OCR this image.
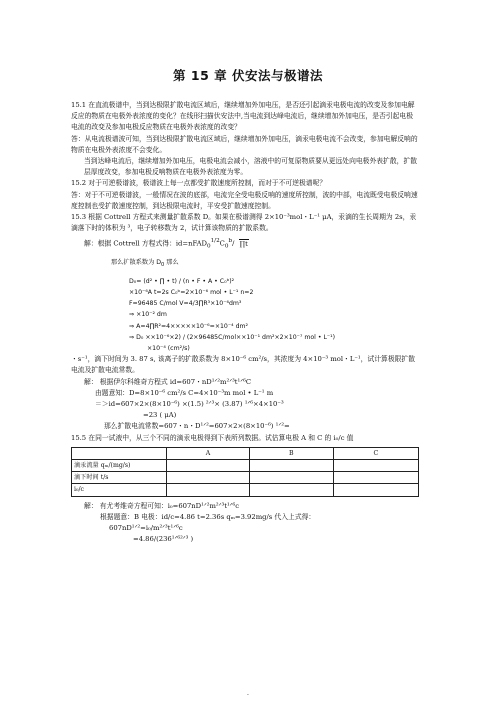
第 15 章 伏安法与极谱法

15.1 在直流极谱中，当到达极限扩散电流区域后，继续增加外加电压，是否还引起滴汞电极电流的改变及参加电解反应的物质在电极外表浓度的变化？在线形扫描伏安法中,当电流到达峰电流后，继续增加外加电压，是否引起电极电流的改变及参加电极反应物质在电极外表浓度的改变？

答：从电流极谱波可知，当到达极限扩散电流区域后，继续增加外加电压，滴汞电极电流不会改变，参加电解反响的物质在电极外表浓度不会变化。

当到达峰电流后，继续增加外加电压，电极电流会减小，溶液中的可复原物质要从更远处向电极外表扩散，扩散层厚度改变，参加电极反响物质在电极外表浓度为零。

15.2 对于可逆极谱波，极谱波上每一点都受扩散速度所控制，而对于不可逆极谱呢？

答：对于不可逆极谱波，一般情况在波的底部，电流完全受电极反响的速度所控制，波的中部，电流既受电极反响速度控制也受扩散速度控制，到达极限电流时，平安受扩散速度控制。

15.3 根据 Cottrell 方程式来测量扩散系数 D。如果在极谱测得 2×10⁻³mol・L⁻¹ μA，汞滴的生长周期为 2s，汞滴落下时的体积为 ³，电子转移数为 2，试计算该物质的扩散系数。

解：根据 Cottrell 方程式得：$id=nFAD_0^{1/2}C_0^b/$ ∏t

那么扩散系数为 $D_0$ 那么

D₀= (d² • ∏ • t) / (n • F • A • C₀ᵇ)²

×10⁻⁶A t=2s C₀ᵇ=2×10⁻⁶ mol • L⁻¹ n=2

F=96485 C/mol V=4/3∏R³×10⁻⁶dm³

⇒ ×10⁻² dm

⇒ A=4∏R²=4×××××10⁻⁶=×10⁻⁴ dm²

⇒ D₀ ××10⁻⁶×2) / (2×96485C/mol××10⁻¹ dm²×2×10⁻⁷ mol • L⁻¹)

×10⁻⁴ (cm²/s)

・s⁻¹，滴下时间为 3. 87 s, 该离子的扩散系数为 8×10⁻⁶ cm²/s，其浓度为 4×10⁻³ mol・L⁻¹，试计算极限扩散电流及扩散电流常数。

解： 根据伊尔科维奇方程式 id=607・nD¹ᐟ²m²ᐟ³t¹ᐟ⁶C

由题意知：D=8×10⁻⁶ cm²/s C=4×10⁻³m mol • L⁻¹ m

＝＞id=607×2×(8×10⁻⁶) ×(1.5) ²ᐟ³× (3.87) ¹ᐟ⁶×4×10⁻³

=23 ( μA)

那么扩散电流常数=607・n・D¹ᐟ²=607×2×(8×10⁻⁶) ¹ᐟ²=

15.5 在同一试液中，从三个不同的滴汞电极得到下表所列数据。试估算电极 A 和 C 的 i₀/c 值

	A	B	C
滴汞流量 qₘ/(mg/s)			
滴下时间 t/s			
i₀/c			

解： 有尤考维奇方程可知：i₀=607nD¹ᐟ²m²ᐟ³t¹ᐟ⁶c

根据题意：B 电极：id/c=4.86 t=2.36s qₘ=3.92mg/s 代入上式得：

607nD¹ᐟ²=i₀/m²ᐟ³t¹ᐟ⁶c

=4.86/(236¹ᐟ⁶²ᐟ³ )

.
